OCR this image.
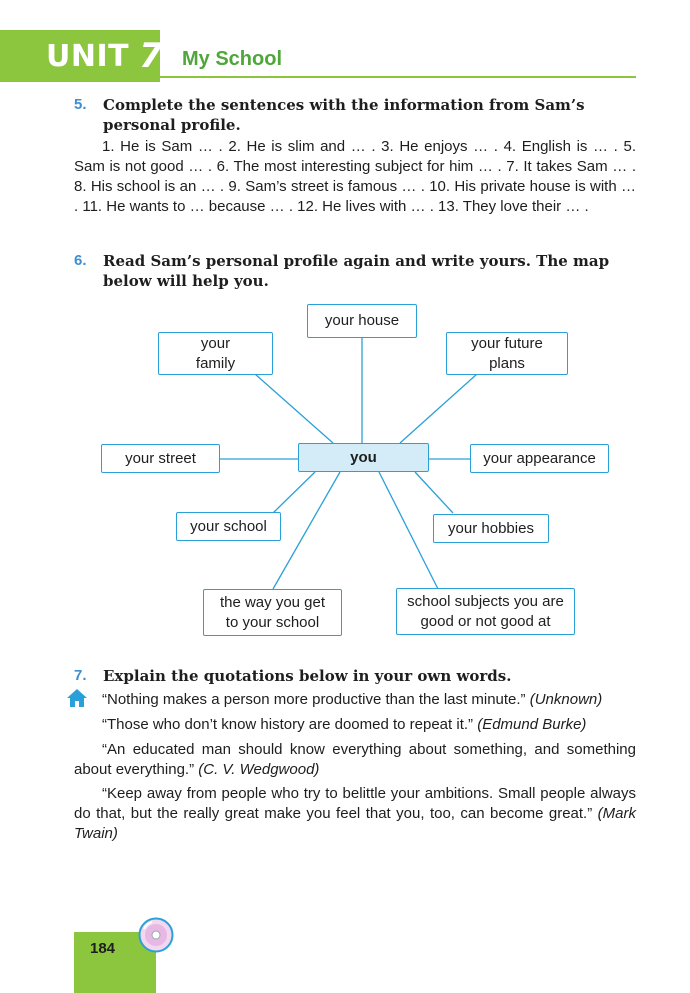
UNIT 7 My School
5. Complete the sentences with the information from Sam’s personal profile.
1. He is Sam … . 2. He is slim and … . 3. He enjoys … . 4. English is … . 5. Sam is not good … . 6. The most interesting subject for him … . 7. It takes Sam … . 8. His school is an … . 9. Sam’s street is famous … . 10. His private house is with … . 11. He wants to … because … . 12. He lives with … . 13. They love their … .
6. Read Sam’s personal profile again and write yours. The map below will help you.
your house
your
family
your future
plans
your street	you	your appearance
your school	your hobbies
the way you get
to your school
school subjects you are
good or not good at
7. Explain the quotations below in your own words.
“Nothing makes a person more productive than the last minute.” (Unknown)
“Those who don’t know history are doomed to repeat it.” (Edmund Burke)
“An educated man should know everything about something, and something about everything.” (C. V. Wedgwood)
“Keep away from people who try to belittle your ambitions. Small people always do that, but the really great make you feel that you, too, can become great.” (Mark Twain)
184
